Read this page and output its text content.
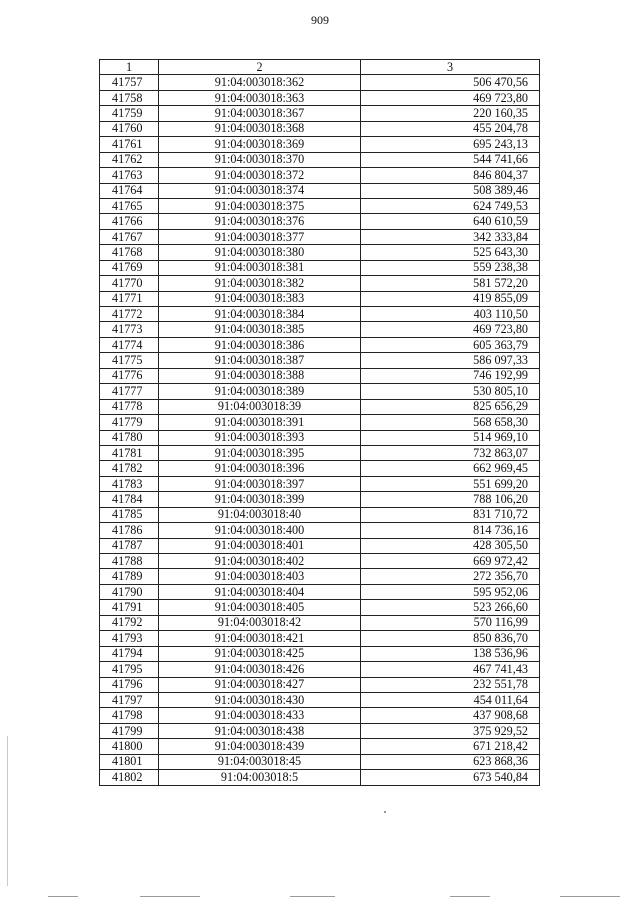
909
1	2	3
41757	91:04:003018:362	506 470,56
41758	91:04:003018:363	469 723,80
41759	91:04:003018:367	220 160,35
41760	91:04:003018:368	455 204,78
41761	91:04:003018:369	695 243,13
41762	91:04:003018:370	544 741,66
41763	91:04:003018:372	846 804,37
41764	91:04:003018:374	508 389,46
41765	91:04:003018:375	624 749,53
41766	91:04:003018:376	640 610,59
41767	91:04:003018:377	342 333,84
41768	91:04:003018:380	525 643,30
41769	91:04:003018:381	559 238,38
41770	91:04:003018:382	581 572,20
41771	91:04:003018:383	419 855,09
41772	91:04:003018:384	403 110,50
41773	91:04:003018:385	469 723,80
41774	91:04:003018:386	605 363,79
41775	91:04:003018:387	586 097,33
41776	91:04:003018:388	746 192,99
41777	91:04:003018:389	530 805,10
41778	91:04:003018:39	825 656,29
41779	91:04:003018:391	568 658,30
41780	91:04:003018:393	514 969,10
41781	91:04:003018:395	732 863,07
41782	91:04:003018:396	662 969,45
41783	91:04:003018:397	551 699,20
41784	91:04:003018:399	788 106,20
41785	91:04:003018:40	831 710,72
41786	91:04:003018:400	814 736,16
41787	91:04:003018:401	428 305,50
41788	91:04:003018:402	669 972,42
41789	91:04:003018:403	272 356,70
41790	91:04:003018:404	595 952,06
41791	91:04:003018:405	523 266,60
41792	91:04:003018:42	570 116,99
41793	91:04:003018:421	850 836,70
41794	91:04:003018:425	138 536,96
41795	91:04:003018:426	467 741,43
41796	91:04:003018:427	232 551,78
41797	91:04:003018:430	454 011,64
41798	91:04:003018:433	437 908,68
41799	91:04:003018:438	375 929,52
41800	91:04:003018:439	671 218,42
41801	91:04:003018:45	623 868,36
41802	91:04:003018:5	673 540,84
